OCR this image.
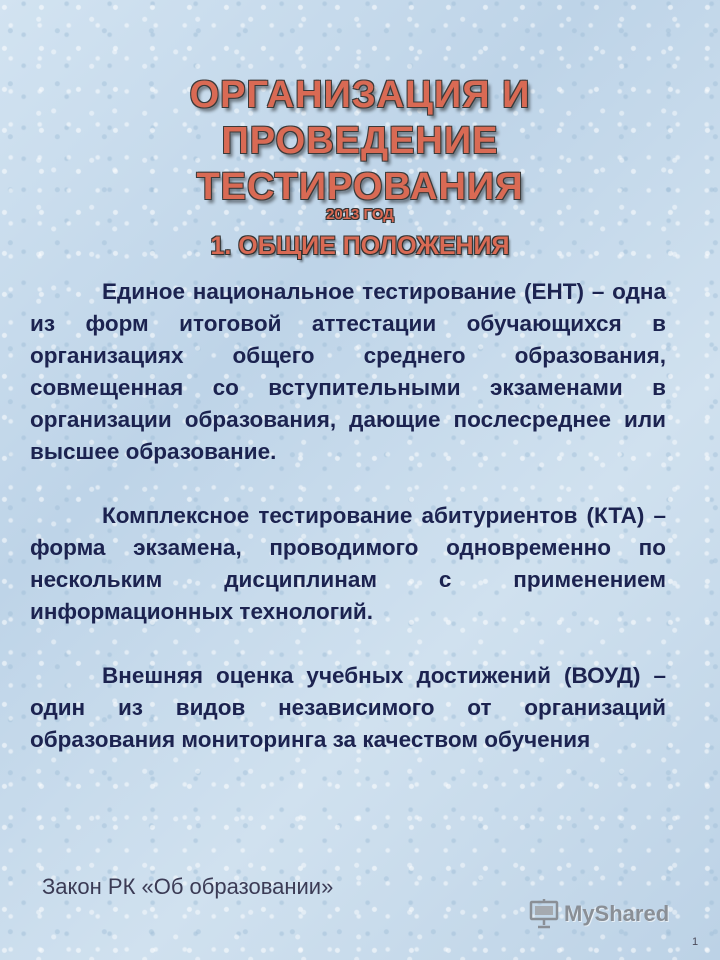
ОРГАНИЗАЦИЯ И
ПРОВЕДЕНИЕ
ТЕСТИРОВАНИЯ
2013 ГОД
1. ОБЩИЕ ПОЛОЖЕНИЯ

Единое национальное тестирование (ЕНТ) – одна из форм итоговой аттестации обучающихся в организациях общего среднего образования, совмещенная со вступительными экзаменами в организации образования, дающие послесреднее или высшее образование.

Комплексное тестирование абитуриентов (КТА) – форма экзамена, проводимого одновременно по нескольким дисциплинам с применением информационных технологий.

Внешняя оценка учебных достижений (ВОУД) – один из видов независимого от организаций образования мониторинга за качеством обучения

Закон РК «Об образовании»
MyShared
1
